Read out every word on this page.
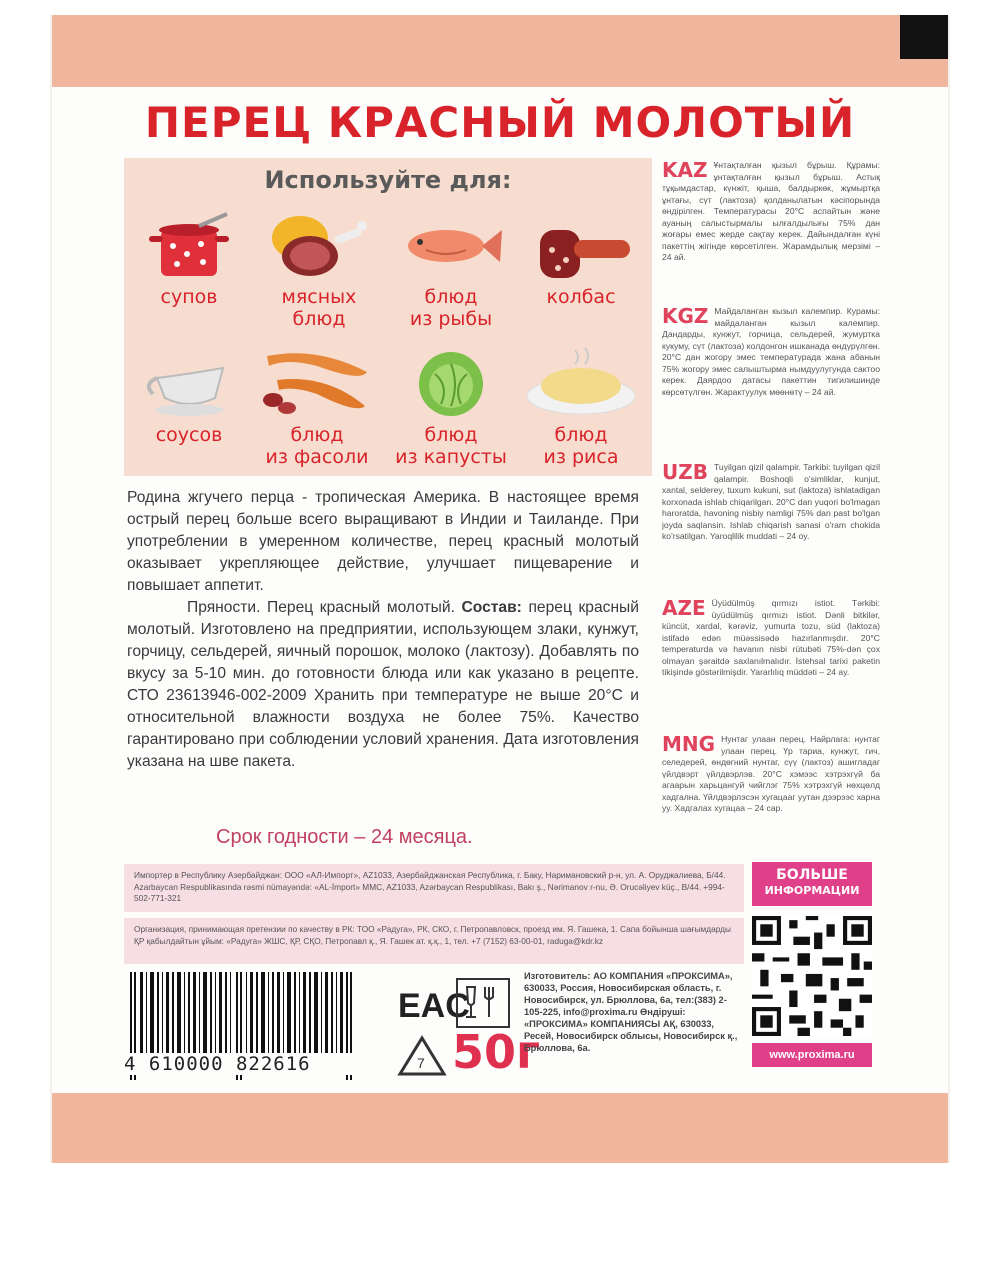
ПЕРЕЦ КРАСНЫЙ МОЛОТЫЙ
Используйте для:
супов	мясных
блюд
блюд
из рыбы
колбас
соусов	блюд
из фасоли
блюд
из капусты
блюд
из риса

Родина жгучего перца - тропическая Америка. В настоящее время острый перец больше всего выращивают в Индии и Таиланде. При употреблении в умеренном количестве, перец красный молотый оказывает укрепляющее действие, улучшает пищеварение и повышает аппетит.

Пряности. Перец красный молотый. Состав: перец красный молотый. Изготовлено на предприятии, использующем злаки, кунжут, горчицу, сельдерей, яичный порошок, молоко (лактозу). Добавлять по вкусу за 5-10 мин. до готовности блюда или как указано в рецепте. СТО 23613946-002-2009 Хранить при температуре не выше 20°С и относительной влажности воздуха не более 75%. Качество гарантировано при соблюдении условий хранения. Дата изготовления указана на шве пакета.

Срок годности – 24 месяца.
KAZ Ұнтақталған қызыл бұрыш. Құрамы: ұнтақталған қызыл бұрыш. Астық тұқымдастар, күнжіт, қыша, балдыркөк, жұмыртқа ұнтағы, сүт (лактоза) қолданылатын кәсіпорында өндірілген. Температурасы 20°С аспайтын және ауаның салыстырмалы ылғалдылығы 75% дан жоғары емес жерде сақтау керек. Дайындалған күні пакеттің жігінде көрсетілген. Жарамдылық мерзімі – 24 ай.
KGZ Майдаланган кызыл калемпир. Курамы: майдаланган кызыл калемпир. Дандарды, кунжут, горчица, сельдерей, жумуртка кукуму, сүт (лактоза) колдонгон ишканада өндүрүлгөн. 20°С дан жогору эмес температурада жана абанын 75% жогору эмес салыштырма нымдуулугунда сактоо керек. Даярдоо датасы пакеттин тигилишинде көрсөтүлгөн. Жарактуулук мөөнөтү – 24 ай.
UZB Tuyilgan qizil qalampir. Tarkibi: tuyilgan qizil qalampir. Boshoqli o'simliklar, kunjut, xantal, selderey, tuxum kukuni, sut (laktoza) ishlatadigan korxonada ishlab chiqarilgan. 20°C dan yuqori bo'lmagan haroratda, havoning nisbiy namligi 75% dan past bo'lgan joyda saqlansin. Ishlab chiqarish sanasi o'ram chokida ko'rsatilgan. Yaroqlilik muddati – 24 oy.
AZE Üyüdülmüş qırmızı istiot. Tərkibi: üyüdülmüş qırmızı istiot. Dənli bitkilər, küncüt, xardal, kərəviz, yumurta tozu, süd (laktoza) istifadə edən müəssisədə hazırlanmışdır. 20°C temperaturda və havanın nisbi rütubəti 75%-dən çox olmayan şəraitdə saxlanılmalıdır. İstehsal tarixi paketin tikişində göstərilmişdir. Yararlılıq müddəti – 24 ay.
MNG Нунтаг улаан перец. Найрлага: нунтаг улаан перец. Үр тариа, кунжут, гич, селедерей, өндөгний нунтаг, сүү (лактоз) ашигладаг үйлдвэрт үйлдвэрлэв. 20°С хэмээс хэтрэхгүй ба агаарын харьцангуй чийглэг 75% хэтрэхгүй нөхцөлд хадгална. Үйлдвэрлэсэн хугацааг уутан дээрээс харна уу. Хадгалах хугацаа – 24 сар.
Импортер в Республику Азербайджан: ООО «АЛ-Импорт», AZ1033, Азербайджанская Республика, г. Баку, Наримановский р-н, ул. А. Оруджалиева, Б/44. Azarbaycan Respublikasında rəsmi nümayəndə: «AL-İmport» MMC, AZ1033, Azərbaycan Respublikası, Bakı ş., Nərimanov r-nu, Ə. Orucəliyev küç., B/44. +994-502-771-321
Организация, принимающая претензии по качеству в РК: ТОО «Радуга», РК, СКО, г. Петропавловск, проезд им. Я. Гашека, 1. Сапа бойынша шағымдарды ҚР қабылдайтын ұйым: «Радуга» ЖШС, ҚР, СҚО, Петропавл қ., Я. Гашек ат. қ.қ., 1, тел. +7 (7152) 63-00-01, raduga@kdr.kz
БОЛЬШЕ
ИНФОРМАЦИИ
www.proxima.ru
4 610000 822616
EAC
7 50г
Изготовитель: АО КОМПАНИЯ «ПРОКСИМА», 630033, Россия, Новосибирская область, г. Новосибирск, ул. Брюллова, 6а, тел:(383) 2-105-225, info@proxima.ru Өндіруші: «ПРОКСИМА» КОМПАНИЯСЫ АҚ, 630033, Ресей, Новосибирск облысы, Новосибирск қ., Брюллова, 6а.
